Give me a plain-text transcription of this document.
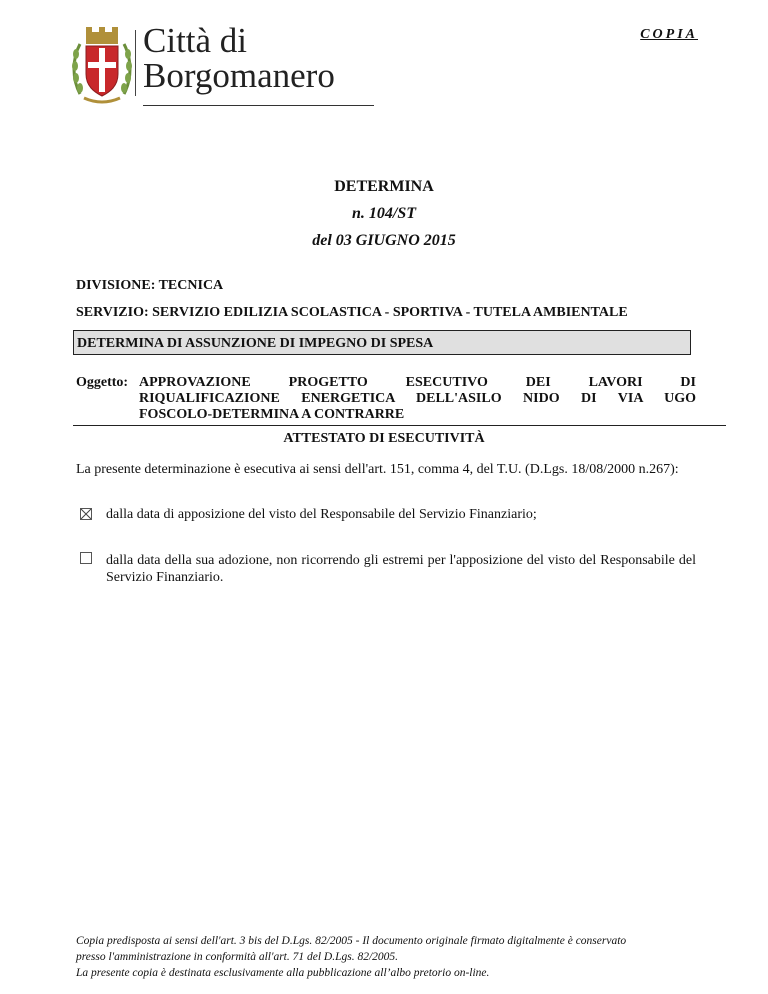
Città di
Borgomanero
COPIA
DETERMINA
n. 104/ST
del 03 GIUGNO 2015
DIVISIONE: TECNICA
SERVIZIO: SERVIZIO EDILIZIA SCOLASTICA - SPORTIVA - TUTELA AMBIENTALE
DETERMINA DI ASSUNZIONE DI IMPEGNO DI SPESA
Oggetto: APPROVAZIONE PROGETTO ESECUTIVO DEI LAVORI DI
RIQUALIFICAZIONE ENERGETICA DELL'ASILO NIDO DI VIA UGO
FOSCOLO-DETERMINA A CONTRARRE
ATTESTATO DI ESECUTIVITÀ
La presente determinazione è esecutiva ai sensi dell'art. 151, comma 4, del T.U. (D.Lgs. 18/08/2000 n.267):
dalla data di apposizione del visto del Responsabile del Servizio Finanziario;
dalla data della sua adozione, non ricorrendo gli estremi per l'apposizione del visto del Responsabile del Servizio Finanziario.
Copia predisposta ai sensi dell'art. 3 bis del D.Lgs. 82/2005 - Il documento originale firmato digitalmente è conservato
presso l'amministrazione in conformità all'art. 71 del D.Lgs. 82/2005.
La presente copia è destinata esclusivamente alla pubblicazione all’albo pretorio on-line.
